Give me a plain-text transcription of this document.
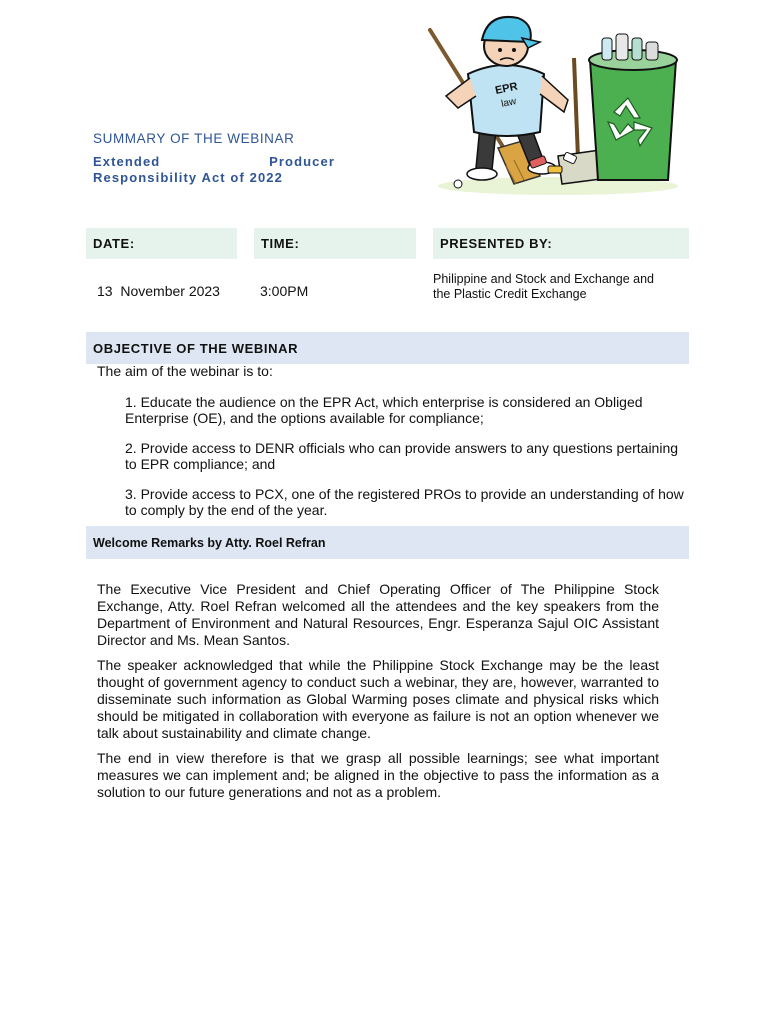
SUMMARY OF THE WEBINAR
Extended	Producer
Responsibility Act of 2022
EPR
law
DATE:	TIME:	PRESENTED BY:
13 November 2023	3:00PM
Philippine and Stock and Exchange and
the Plastic Credit Exchange
OBJECTIVE OF THE WEBINAR
The aim of the webinar is to:
1. Educate the audience on the EPR Act, which enterprise is considered an Obliged Enterprise (OE), and the options available for compliance;
2. Provide access to DENR officials who can provide answers to any questions pertaining to EPR compliance; and
3. Provide access to PCX, one of the registered PROs to provide an understanding of how to comply by the end of the year.
Welcome Remarks by Atty. Roel Refran
The Executive Vice President and Chief Operating Officer of The Philippine Stock Exchange, Atty. Roel Refran welcomed all the attendees and the key speakers from the Department of Environment and Natural Resources, Engr. Esperanza Sajul OIC Assistant Director and Ms. Mean Santos.
The speaker acknowledged that while the Philippine Stock Exchange may be the least thought of government agency to conduct such a webinar, they are, however, warranted to disseminate such information as Global Warming poses climate and physical risks which should be mitigated in collaboration with everyone as failure is not an option whenever we talk about sustainability and climate change.
The end in view therefore is that we grasp all possible learnings; see what important measures we can implement and; be aligned in the objective to pass the information as a solution to our future generations and not as a problem.
